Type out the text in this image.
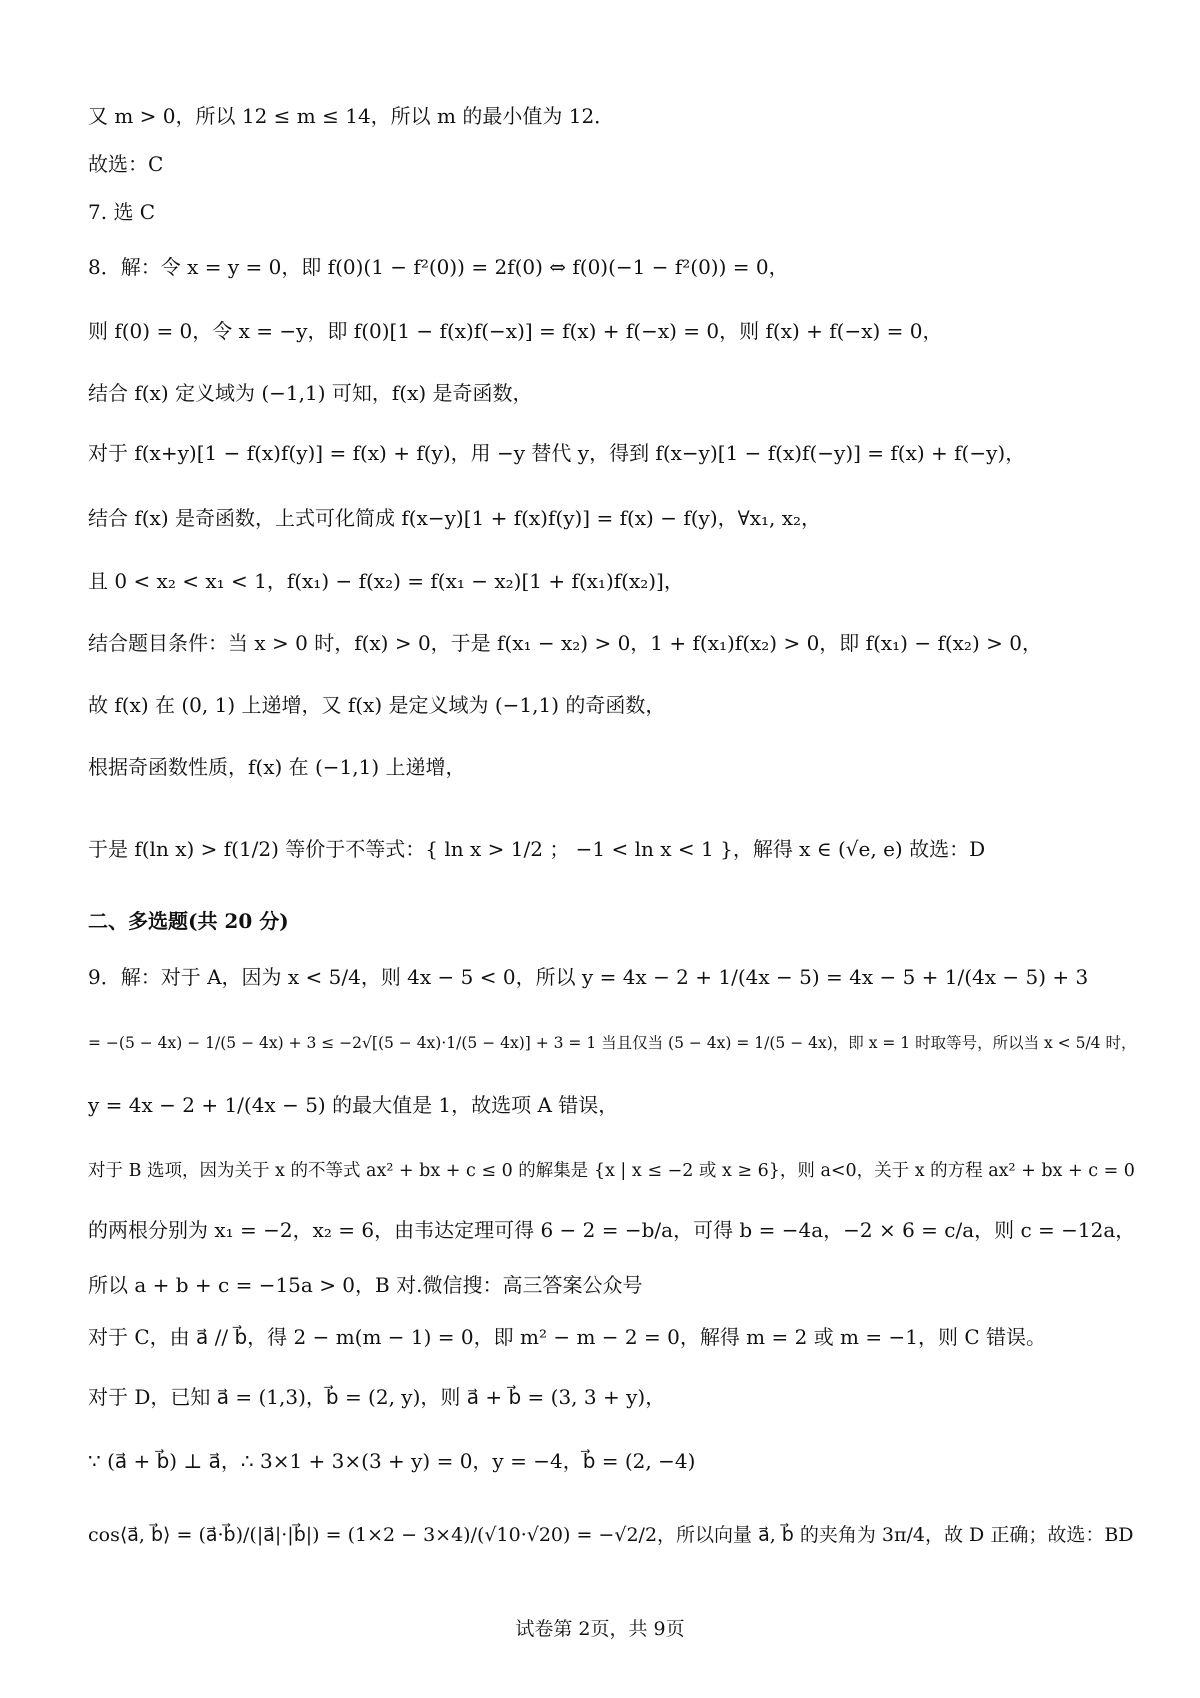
又 m > 0，所以 12 ≤ m ≤ 14，所以 m 的最小值为 12．
故选：C
7. 选 C
8．解：令 x = y = 0，即 f(0)(1 − f²(0)) = 2f(0) ⇔ f(0)(−1 − f²(0)) = 0，
则 f(0) = 0，令 x = −y，即 f(0)[1 − f(x)f(−x)] = f(x) + f(−x) = 0，则 f(x) + f(−x) = 0，
结合 f(x) 定义域为 (−1,1) 可知，f(x) 是奇函数，
对于 f(x+y)[1 − f(x)f(y)] = f(x) + f(y)，用 −y 替代 y，得到 f(x−y)[1 − f(x)f(−y)] = f(x) + f(−y)，
结合 f(x) 是奇函数，上式可化简成 f(x−y)[1 + f(x)f(y)] = f(x) − f(y)，∀x₁, x₂，
且 0 < x₂ < x₁ < 1，f(x₁) − f(x₂) = f(x₁ − x₂)[1 + f(x₁)f(x₂)]，
结合题目条件：当 x > 0 时，f(x) > 0，于是 f(x₁ − x₂) > 0，1 + f(x₁)f(x₂) > 0，即 f(x₁) − f(x₂) > 0，
故 f(x) 在 (0, 1) 上递增，又 f(x) 是定义域为 (−1,1) 的奇函数，
根据奇函数性质，f(x) 在 (−1,1) 上递增，
于是 f(ln x) > f(1/2) 等价于不等式：{ ln x > 1/2 ； −1 < ln x < 1 }，解得 x ∈ (√e, e) 故选：D
二、多选题(共 20 分)
9．解：对于 A，因为 x < 5/4，则 4x − 5 < 0，所以 y = 4x − 2 + 1/(4x − 5) = 4x − 5 + 1/(4x − 5) + 3
= −(5 − 4x) − 1/(5 − 4x) + 3 ≤ −2√[(5 − 4x)·1/(5 − 4x)] + 3 = 1 当且仅当 (5 − 4x) = 1/(5 − 4x)，即 x = 1 时取等号，所以当 x < 5/4 时，
y = 4x − 2 + 1/(4x − 5) 的最大值是 1，故选项 A 错误，
对于 B 选项，因为关于 x 的不等式 ax² + bx + c ≤ 0 的解集是 {x | x ≤ −2 或 x ≥ 6}，则 a<0，关于 x 的方程 ax² + bx + c = 0
的两根分别为 x₁ = −2，x₂ = 6，由韦达定理可得 6 − 2 = −b/a，可得 b = −4a，−2 × 6 = c/a，则 c = −12a，
所以 a + b + c = −15a > 0，B 对.微信搜：高三答案公众号
对于 C，由 a⃗ // b⃗，得 2 − m(m − 1) = 0，即 m² − m − 2 = 0，解得 m = 2 或 m = −1，则 C 错误。
对于 D，已知 a⃗ = (1,3)，b⃗ = (2, y)，则 a⃗ + b⃗ = (3, 3 + y)，
∵ (a⃗ + b⃗) ⊥ a⃗，∴ 3×1 + 3×(3 + y) = 0，y = −4，b⃗ = (2, −4)
cos⟨a⃗, b⃗⟩ = (a⃗·b⃗)/(|a⃗|·|b⃗|) = (1×2 − 3×4)/(√10·√20) = −√2/2，所以向量 a⃗, b⃗ 的夹角为 3π/4，故 D 正确；故选：BD
试卷第 2页，共 9页
